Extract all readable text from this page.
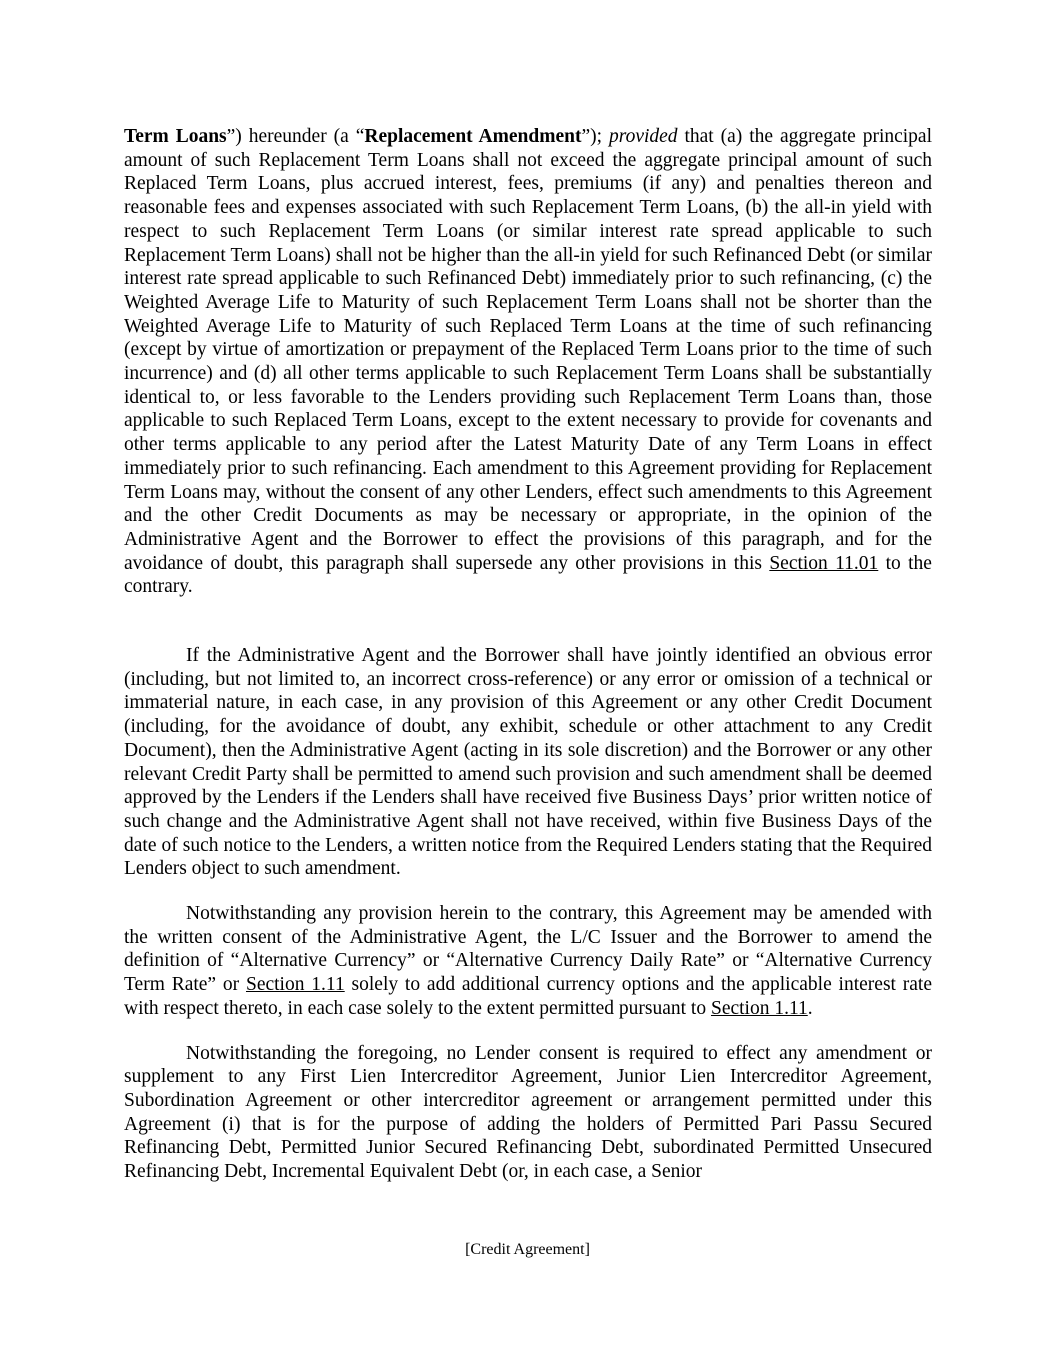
Term Loans”) hereunder (a “Replacement Amendment”); provided that (a) the aggregate principal amount of such Replacement Term Loans shall not exceed the aggregate principal amount of such Replaced Term Loans, plus accrued interest, fees, premiums (if any) and penalties thereon and reasonable fees and expenses associated with such Replacement Term Loans, (b) the all-in yield with respect to such Replacement Term Loans (or similar interest rate spread applicable to such Replacement Term Loans) shall not be higher than the all-in yield for such Refinanced Debt (or similar interest rate spread applicable to such Refinanced Debt) immediately prior to such refinancing, (c) the Weighted Average Life to Maturity of such Replacement Term Loans shall not be shorter than the Weighted Average Life to Maturity of such Replaced Term Loans at the time of such refinancing (except by virtue of amortization or prepayment of the Replaced Term Loans prior to the time of such incurrence) and (d) all other terms applicable to such Replacement Term Loans shall be substantially identical to, or less favorable to the Lenders providing such Replacement Term Loans than, those applicable to such Replaced Term Loans, except to the extent necessary to provide for covenants and other terms applicable to any period after the Latest Maturity Date of any Term Loans in effect immediately prior to such refinancing. Each amendment to this Agreement providing for Replacement Term Loans may, without the consent of any other Lenders, effect such amendments to this Agreement and the other Credit Documents as may be necessary or appropriate, in the opinion of the Administrative Agent and the Borrower to effect the provisions of this paragraph, and for the avoidance of doubt, this paragraph shall supersede any other provisions in this Section 11.01 to the contrary.

If the Administrative Agent and the Borrower shall have jointly identified an obvious error (including, but not limited to, an incorrect cross-reference) or any error or omission of a technical or immaterial nature, in each case, in any provision of this Agreement or any other Credit Document (including, for the avoidance of doubt, any exhibit, schedule or other attachment to any Credit Document), then the Administrative Agent (acting in its sole discretion) and the Borrower or any other relevant Credit Party shall be permitted to amend such provision and such amendment shall be deemed approved by the Lenders if the Lenders shall have received five Business Days’ prior written notice of such change and the Administrative Agent shall not have received, within five Business Days of the date of such notice to the Lenders, a written notice from the Required Lenders stating that the Required Lenders object to such amendment.

Notwithstanding any provision herein to the contrary, this Agreement may be amended with the written consent of the Administrative Agent, the L/C Issuer and the Borrower to amend the definition of “Alternative Currency” or “Alternative Currency Daily Rate” or “Alternative Currency Term Rate” or Section 1.11 solely to add additional currency options and the applicable interest rate with respect thereto, in each case solely to the extent permitted pursuant to Section 1.11.

Notwithstanding the foregoing, no Lender consent is required to effect any amendment or supplement to any First Lien Intercreditor Agreement, Junior Lien Intercreditor Agreement, Subordination Agreement or other intercreditor agreement or arrangement permitted under this Agreement (i) that is for the purpose of adding the holders of Permitted Pari Passu Secured Refinancing Debt, Permitted Junior Secured Refinancing Debt, subordinated Permitted Unsecured Refinancing Debt, Incremental Equivalent Debt (or, in each case, a Senior

[Credit Agreement]
